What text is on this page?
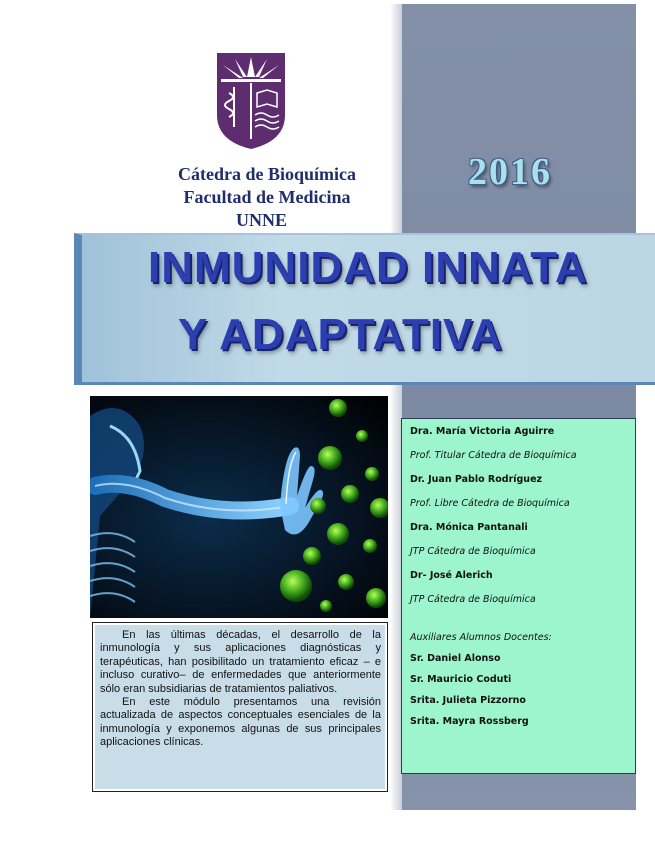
Cátedra de Bioquímica
Facultad de Medicina
UNNE
2016
INMUNIDAD INNATA
Y ADAPTATIVA
Dra. María Victoria Aguirre
Prof. Titular Cátedra de Bioquímica
Dr. Juan Pablo Rodríguez
Prof. Libre Cátedra de Bioquímica
Dra. Mónica Pantanali
JTP Cátedra de Bioquímica
Dr- José Alerich
JTP Cátedra de Bioquímica
Auxiliares Alumnos Docentes:
Sr. Daniel Alonso
Sr. Mauricio Coduti
Srita. Julieta Pizzorno
Srita. Mayra Rossberg

En las últimas décadas, el desarrollo de la inmunología y sus aplicaciones diagnósticas y terapéuticas, han posibilitado un tratamiento eficaz – e incluso curativo– de enfermedades que anteriormente sólo eran subsidiarias de tratamientos paliativos.

En este módulo presentamos una revisión actualizada de aspectos conceptuales esenciales de la inmunología y exponemos algunas de sus principales aplicaciones clínicas.
